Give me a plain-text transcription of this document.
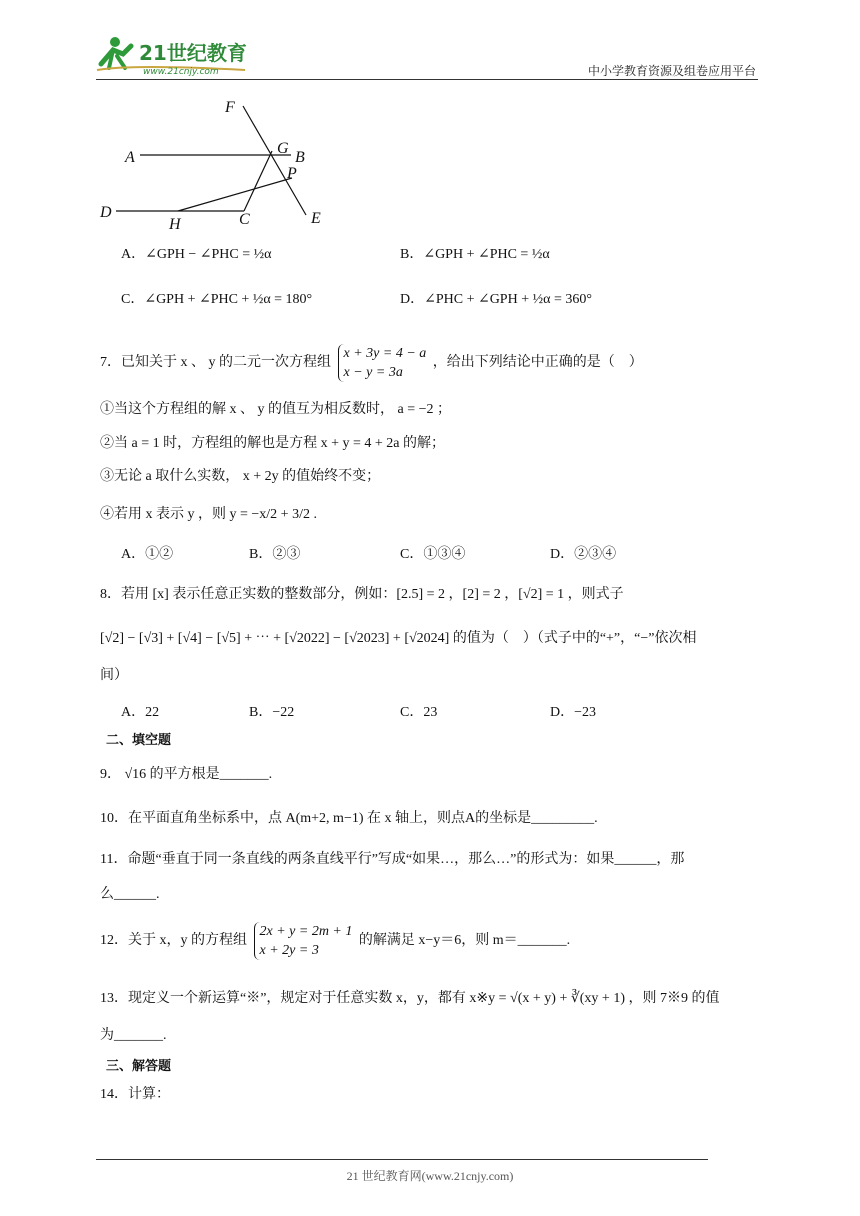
21世纪教育
www.21cnjy.com	中小学教育资源及组卷应用平台
F
A
G
B
P
D
H	C	E
A．∠GPH − ∠PHC = ½α	B．∠GPH + ∠PHC = ½α
C．∠GPH + ∠PHC + ½α = 180°	D．∠PHC + ∠GPH + ½α = 360°
7．已知关于 x 、 y 的二元一次方程组
x + 3y = 4 − a
x − y = 3a
，给出下列结论中正确的是（　）
①当这个方程组的解 x 、 y 的值互为相反数时， a = −2 ；
②当 a = 1 时，方程组的解也是方程 x + y = 4 + 2a 的解；
③无论 a 取什么实数， x + 2y 的值始终不变；
④若用 x 表示 y ，则 y = −x/2 + 3/2 .
A．①②	B．②③	C．①③④	D．②③④
8．若用 [x] 表示任意正实数的整数部分，例如：[2.5] = 2 ，[2] = 2 ，[√2] = 1 ，则式子
[√2] − [√3] + [√4] − [√5] + ⋯ + [√2022] − [√2023] + [√2024] 的值为（　）（式子中的“+”，“−”依次相
间）
A．22	B．−22	C．23	D．−23
二、填空题
9． √16 的平方根是_______.
10．在平面直角坐标系中，点 A(m+2, m−1) 在 x 轴上，则点A的坐标是_________.
11．命题“垂直于同一条直线的两条直线平行”写成“如果…，那么…”的形式为：如果______，那
么______.
12．关于 x，y 的方程组
2x + y = 2m + 1
x + 2y = 3
的解满足 x−y＝6，则 m＝_______.
13．现定义一个新运算“※”，规定对于任意实数 x，y，都有 x※y = √(x + y) + ∛(xy + 1) ，则 7※9 的值
为_______.
三、解答题
14．计算：
21 世纪教育网(www.21cnjy.com)
